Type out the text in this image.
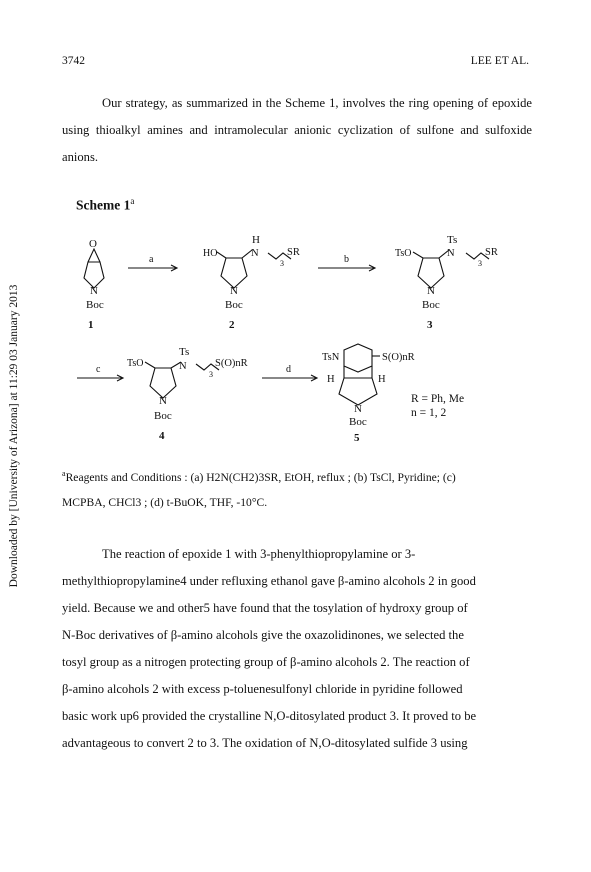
3742	LEE ET AL.
Downloaded by [University of Arizona] at 11:29 03 January 2013

Our strategy, as summarized in the Scheme 1, involves the ring opening of epoxide using thioalkyl amines and intramolecular anionic cyclization of sulfone and sulfoxide anions.

Scheme 1$^a$
O
N
Boc
1
a
H
HO	N	SR
3
N
Boc
2
b
Ts
TsO	N	SR
3
N
Boc
3
Ts
TsO	N	S(O)nR
3
N
Boc
4
c	d
TsN	S(O)nR
H	H
N
Boc
5
R = Ph, Me
n = 1, 2
$^a$Reagents and Conditions : (a) H2N(CH2)3SR, EtOH, reflux ; (b) TsCl, Pyridine; (c)
MCPBA, CHCl3 ; (d) t-BuOK, THF, -10°C.
The reaction of epoxide 1 with 3-phenylthiopropylamine or 3-
methylthiopropylamine4 under refluxing ethanol gave β-amino alcohols 2 in good
yield. Because we and other5 have found that the tosylation of hydroxy group of
N-Boc derivatives of β-amino alcohols give the oxazolidinones, we selected the
tosyl group as a nitrogen protecting group of β-amino alcohols 2. The reaction of
β-amino alcohols 2 with excess p-toluenesulfonyl chloride in pyridine followed
basic work up6 provided the crystalline N,O-ditosylated product 3. It proved to be
advantageous to convert 2 to 3. The oxidation of N,O-ditosylated sulfide 3 using
